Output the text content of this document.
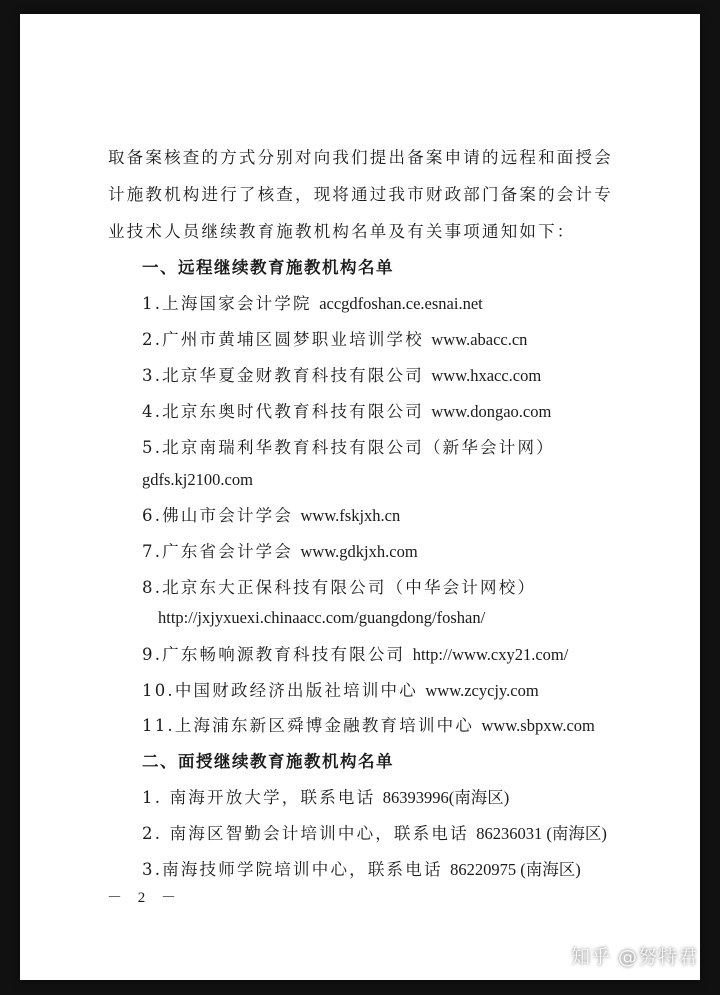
取备案核查的方式分别对向我们提出备案申请的远程和面授会
计施教机构进行了核查，现将通过我市财政部门备案的会计专
业技术人员继续教育施教机构名单及有关事项通知如下：
一、远程继续教育施教机构名单
1.上海国家会计学院 accgdfoshan.ce.esnai.net
2.广州市黄埔区圆梦职业培训学校 www.abacc.cn
3.北京华夏金财教育科技有限公司 www.hxacc.com
4.北京东奥时代教育科技有限公司 www.dongao.com
5.北京南瑞利华教育科技有限公司（新华会计网）
gdfs.kj2100.com
6.佛山市会计学会 www.fskjxh.cn
7.广东省会计学会 www.gdkjxh.com
8.北京东大正保科技有限公司（中华会计网校）
http://jxjyxuexi.chinaacc.com/guangdong/foshan/
9.广东畅响源教育科技有限公司 http://www.cxy21.com/
10.中国财政经济出版社培训中心 www.zcycjy.com
11.上海浦东新区舜博金融教育培训中心 www.sbpxw.com
二、面授继续教育施教机构名单
1. 南海开放大学，联系电话 86393996(南海区)
2. 南海区智勤会计培训中心，联系电话 86236031 (南海区)
3.南海技师学院培训中心，联系电话 86220975 (南海区)
－ 2 －
知乎 @努特君
